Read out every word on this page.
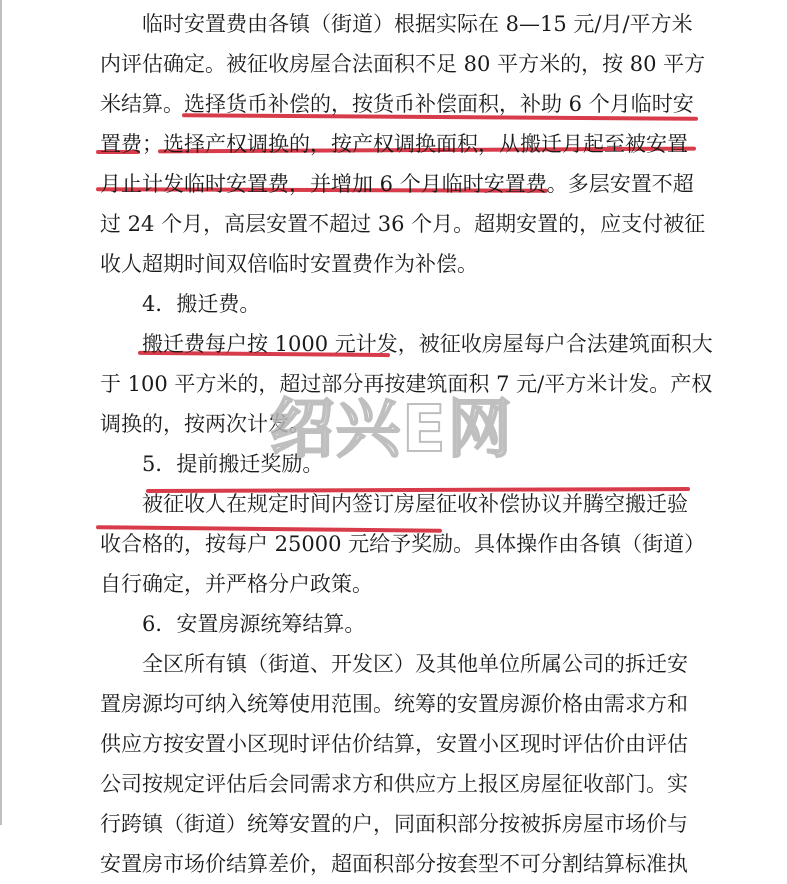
临时安置费由各镇（街道）根据实际在 8—15 元/月/平方米
内评估确定。被征收房屋合法面积不足 80 平方米的，按 80 平方
米结算。选择货币补偿的，按货币补偿面积，补助 6 个月临时安
置费；选择产权调换的，按产权调换面积，从搬迁月起至被安置
月止计发临时安置费，并增加 6 个月临时安置费。多层安置不超
过 24 个月，高层安置不超过 36 个月。超期安置的，应支付被征
收人超期时间双倍临时安置费作为补偿。
4．搬迁费。
搬迁费每户按 1000 元计发，被征收房屋每户合法建筑面积大
于 100 平方米的，超过部分再按建筑面积 7 元/平方米计发。产权
调换的，按两次计发。
5．提前搬迁奖励。
被征收人在规定时间内签订房屋征收补偿协议并腾空搬迁验
收合格的，按每户 25000 元给予奖励。具体操作由各镇（街道）
自行确定，并严格分户政策。
6．安置房源统筹结算。
全区所有镇（街道、开发区）及其他单位所属公司的拆迁安
置房源均可纳入统筹使用范围。统筹的安置房源价格由需求方和
供应方按安置小区现时评估价结算，安置小区现时评估价由评估
公司按规定评估后会同需求方和供应方上报区房屋征收部门。实
行跨镇（街道）统筹安置的户，同面积部分按被拆房屋市场价与
安置房市场价结算差价，超面积部分按套型不可分割结算标准执
绍兴E网
